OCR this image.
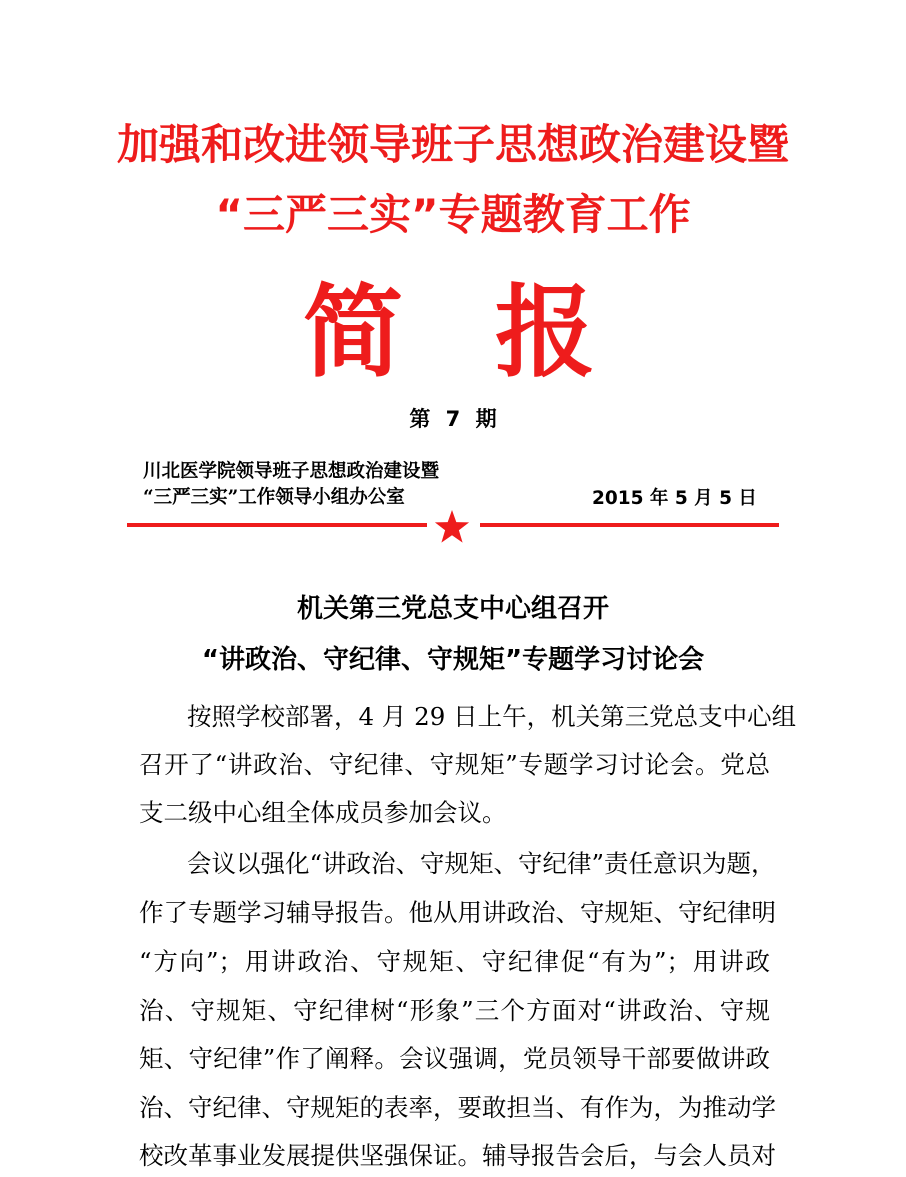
加强和改进领导班子思想政治建设暨
“三严三实”专题教育工作
简 报
第 7 期
川北医学院领导班子思想政治建设暨
“三严三实”工作领导小组办公室	2015 年 5 月 5 日
机关第三党总支中心组召开
“讲政治、守纪律、守规矩”专题学习讨论会
按照学校部署，4 月 29 日上午，机关第三党总支中心组
召开了“讲政治、守纪律、守规矩”专题学习讨论会。党总
支二级中心组全体成员参加会议。
会议以强化“讲政治、守规矩、守纪律”责任意识为题，
作了专题学习辅导报告。他从用讲政治、守规矩、守纪律明
“方向”；用讲政治、守规矩、守纪律促“有为”；用讲政
治、守规矩、守纪律树“形象”三个方面对“讲政治、守规
矩、守纪律”作了阐释。会议强调，党员领导干部要做讲政
治、守纪律、守规矩的表率，要敢担当、有作为，为推动学
校改革事业发展提供坚强保证。辅导报告会后，与会人员对
